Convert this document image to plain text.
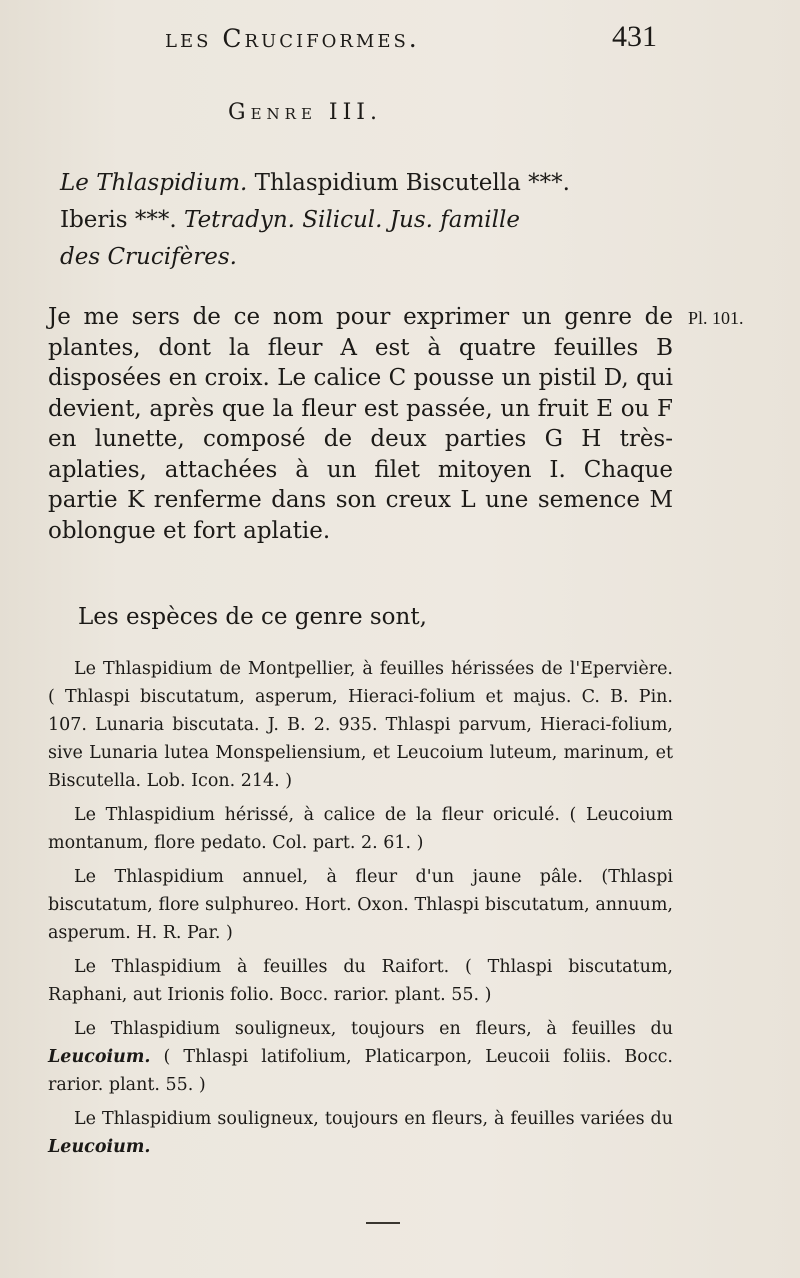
les Cruciformes.	431
Genre III.
Le Thlaspidium. Thlaspidium Biscutella ***.
Iberis ***. Tetradyn. Silicul. Jus. famille
des Crucifères.
Pl. 101.
Je me sers de ce nom pour exprimer un genre de plantes, dont la fleur A est à quatre feuilles B disposées en croix. Le calice C pousse un pistil D, qui devient, après que la fleur est passée, un fruit E ou F en lunette, composé de deux parties G H très-aplaties, attachées à un filet mitoyen I. Chaque partie K renferme dans son creux L une semence M oblongue et fort aplatie.
Les espèces de ce genre sont,

Le Thlaspidium de Montpellier, à feuilles hérissées de l'Epervière. ( Thlaspi biscutatum, asperum, Hieraci-folium et majus. C. B. Pin. 107. Lunaria biscutata. J. B. 2. 935. Thlaspi parvum, Hieraci-folium, sive Lunaria lutea Monspeliensium, et Leucoium luteum, marinum, et Biscutella. Lob. Icon. 214. )

Le Thlaspidium hérissé, à calice de la fleur oriculé. ( Leucoium montanum, flore pedato. Col. part. 2. 61. )

Le Thlaspidium annuel, à fleur d'un jaune pâle. (Thlaspi biscutatum, flore sulphureo. Hort. Oxon. Thlaspi biscutatum, annuum, asperum. H. R. Par. )

Le Thlaspidium à feuilles du Raifort. ( Thlaspi biscutatum, Raphani, aut Irionis folio. Bocc. rarior. plant. 55. )

Le Thlaspidium souligneux, toujours en fleurs, à feuilles du Leucoium. ( Thlaspi latifolium, Platicarpon, Leucoii foliis. Bocc. rarior. plant. 55. )

Le Thlaspidium souligneux, toujours en fleurs, à feuilles variées du Leucoium.
